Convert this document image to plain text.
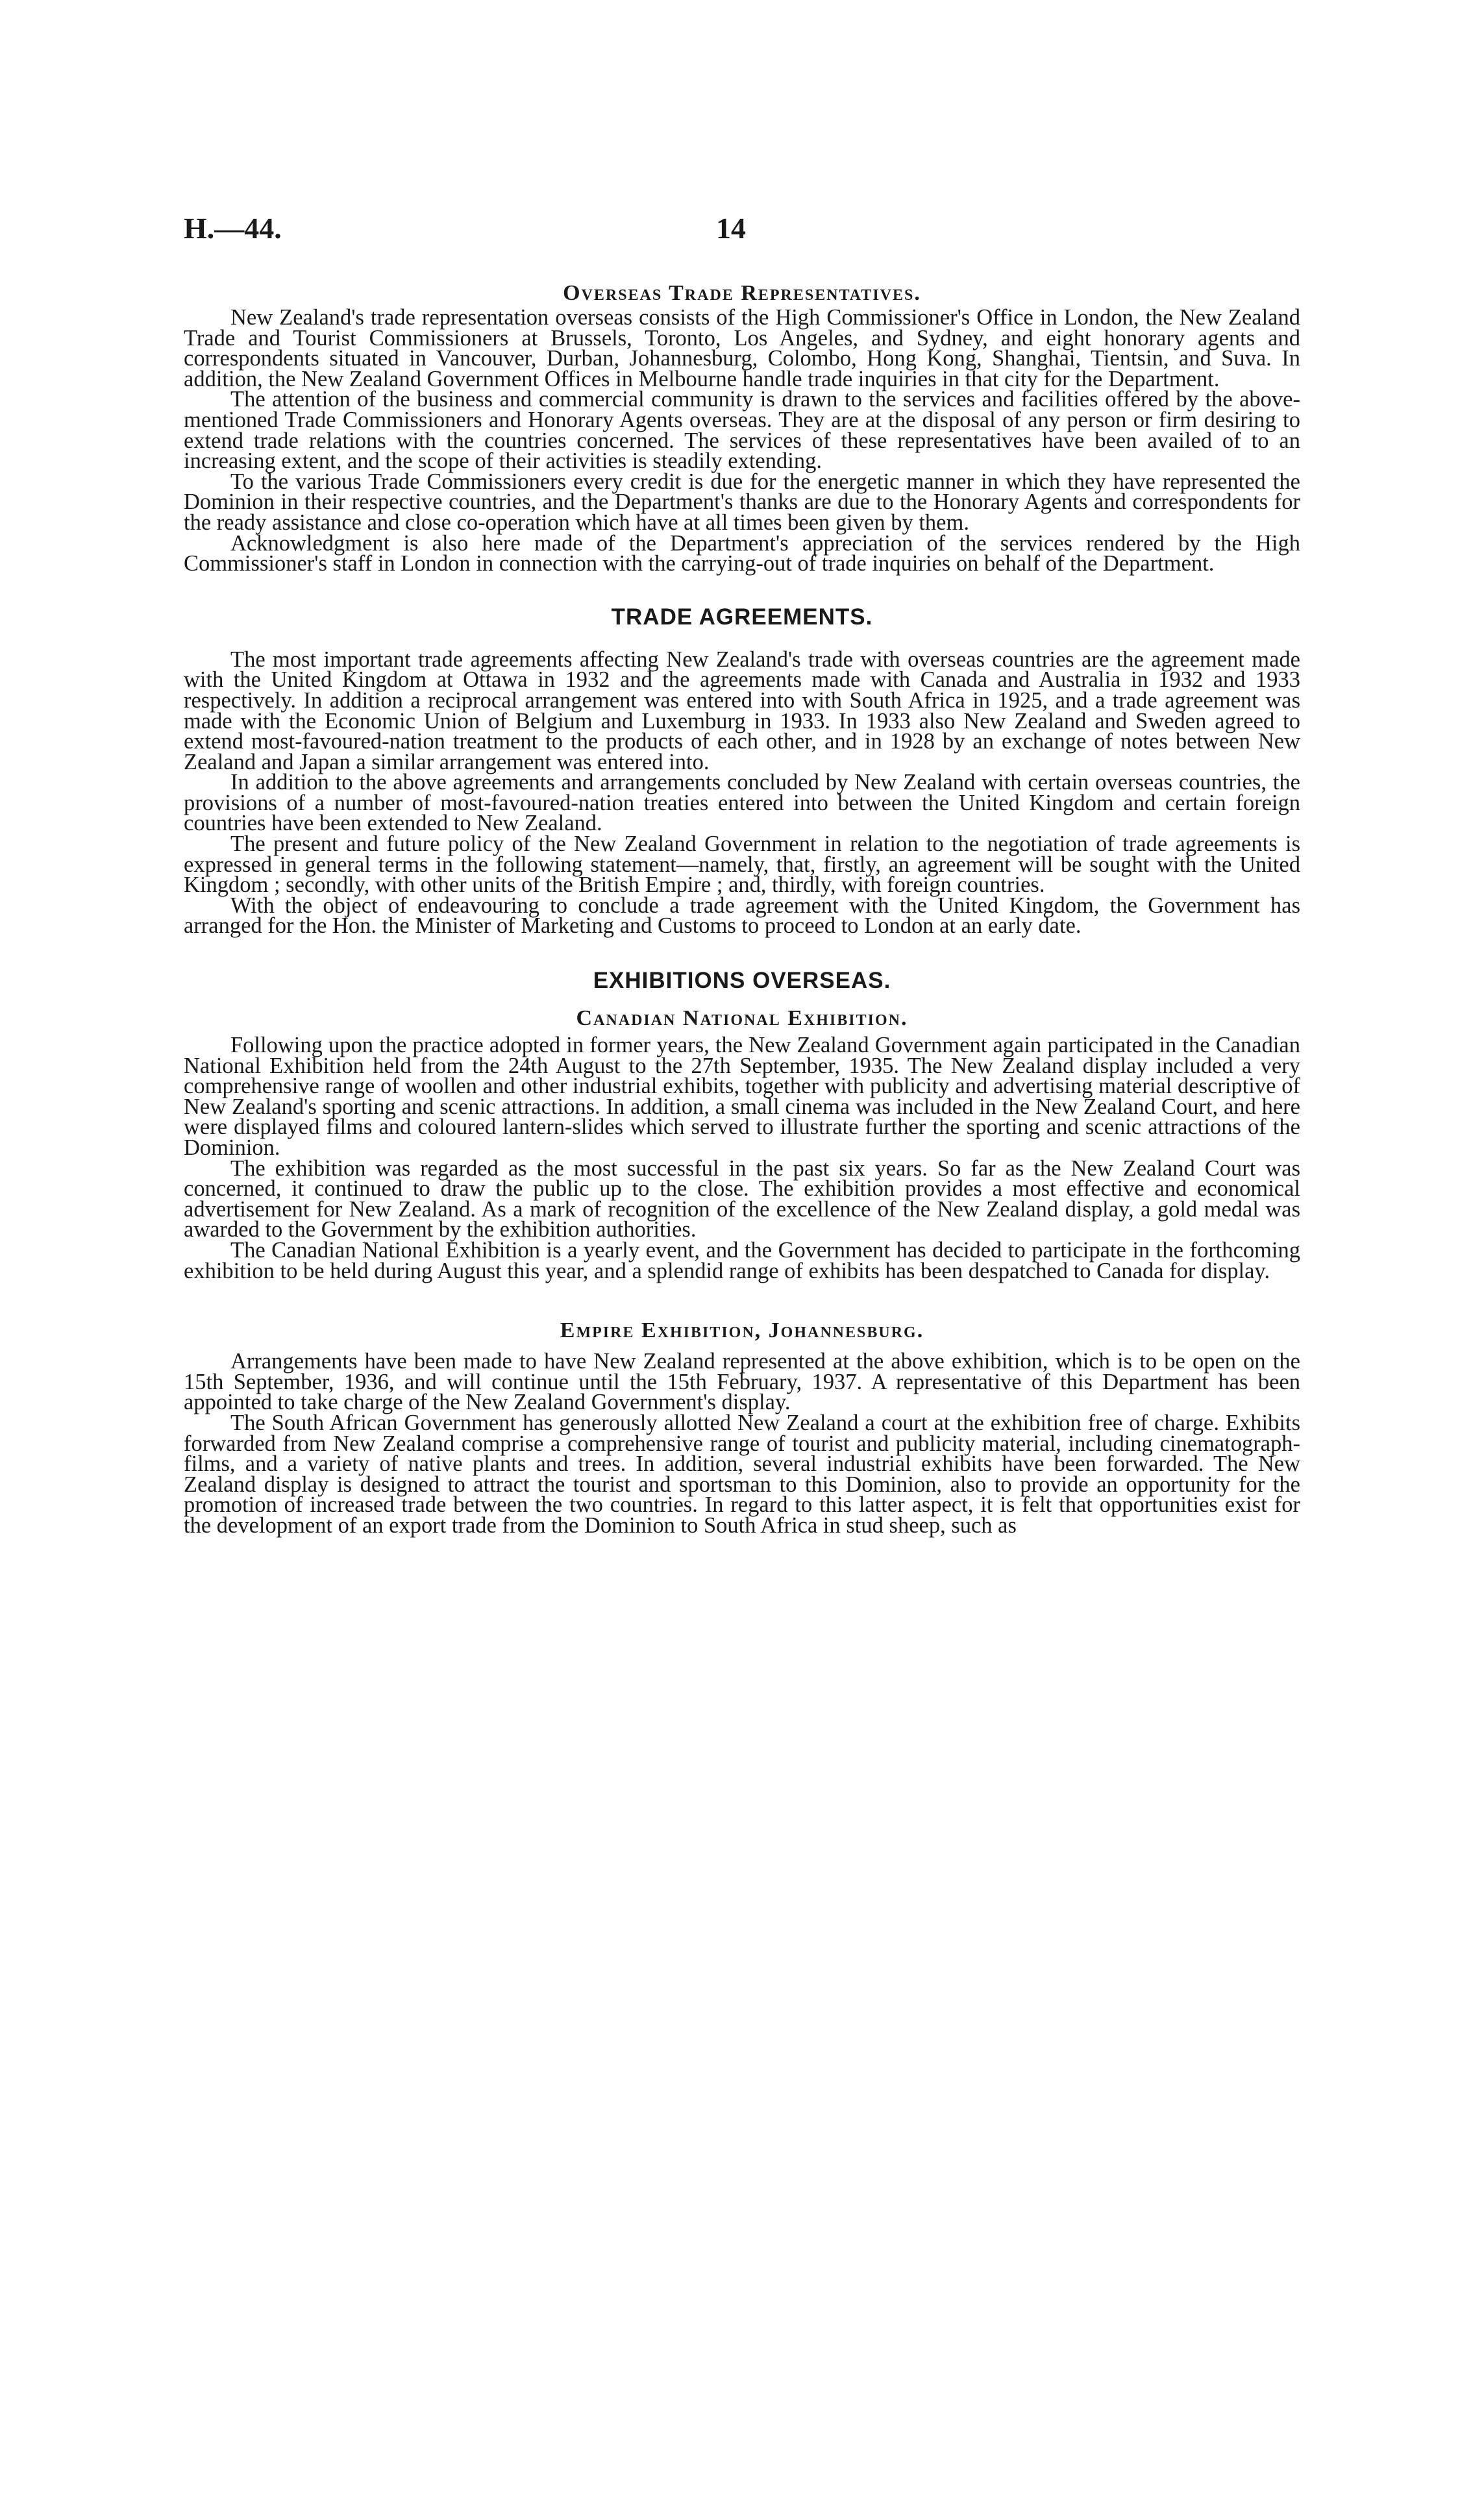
H.—44.	14
Overseas Trade Representatives.

New Zealand's trade representation overseas consists of the High Commissioner's Office in London, the New Zealand Trade and Tourist Commissioners at Brussels, Toronto, Los Angeles, and Sydney, and eight honorary agents and correspondents situated in Vancouver, Durban, Johannesburg, Colombo, Hong Kong, Shanghai, Tientsin, and Suva. In addition, the New Zealand Government Offices in Melbourne handle trade inquiries in that city for the Department.

The attention of the business and commercial community is drawn to the services and facilities offered by the above-mentioned Trade Commissioners and Honorary Agents overseas. They are at the disposal of any person or firm desiring to extend trade relations with the countries concerned. The services of these representatives have been availed of to an increasing extent, and the scope of their activities is steadily extending.

To the various Trade Commissioners every credit is due for the energetic manner in which they have represented the Dominion in their respective countries, and the Department's thanks are due to the Honorary Agents and correspondents for the ready assistance and close co-operation which have at all times been given by them.

Acknowledgment is also here made of the Department's appreciation of the services rendered by the High Commissioner's staff in London in connection with the carrying-out of trade inquiries on behalf of the Department.

TRADE AGREEMENTS.

The most important trade agreements affecting New Zealand's trade with overseas countries are the agreement made with the United Kingdom at Ottawa in 1932 and the agreements made with Canada and Australia in 1932 and 1933 respectively. In addition a reciprocal arrangement was entered into with South Africa in 1925, and a trade agreement was made with the Economic Union of Belgium and Luxemburg in 1933. In 1933 also New Zealand and Sweden agreed to extend most-favoured-nation treatment to the products of each other, and in 1928 by an exchange of notes between New Zealand and Japan a similar arrangement was entered into.

In addition to the above agreements and arrangements concluded by New Zealand with certain overseas countries, the provisions of a number of most-favoured-nation treaties entered into between the United Kingdom and certain foreign countries have been extended to New Zealand.

The present and future policy of the New Zealand Government in relation to the negotiation of trade agreements is expressed in general terms in the following statement—namely, that, firstly, an agreement will be sought with the United Kingdom ; secondly, with other units of the British Empire ; and, thirdly, with foreign countries.

With the object of endeavouring to conclude a trade agreement with the United Kingdom, the Government has arranged for the Hon. the Minister of Marketing and Customs to proceed to London at an early date.

EXHIBITIONS OVERSEAS.
Canadian National Exhibition.

Following upon the practice adopted in former years, the New Zealand Government again participated in the Canadian National Exhibition held from the 24th August to the 27th September, 1935. The New Zealand display included a very comprehensive range of woollen and other industrial exhibits, together with publicity and advertising material descriptive of New Zealand's sporting and scenic attractions. In addition, a small cinema was included in the New Zealand Court, and here were displayed films and coloured lantern-slides which served to illustrate further the sporting and scenic attractions of the Dominion.

The exhibition was regarded as the most successful in the past six years. So far as the New Zealand Court was concerned, it continued to draw the public up to the close. The exhibition provides a most effective and economical advertisement for New Zealand. As a mark of recognition of the excellence of the New Zealand display, a gold medal was awarded to the Government by the exhibition authorities.

The Canadian National Exhibition is a yearly event, and the Government has decided to participate in the forthcoming exhibition to be held during August this year, and a splendid range of exhibits has been despatched to Canada for display.

Empire Exhibition, Johannesburg.

Arrangements have been made to have New Zealand represented at the above exhibition, which is to be open on the 15th September, 1936, and will continue until the 15th February, 1937. A representative of this Department has been appointed to take charge of the New Zealand Government's display.

The South African Government has generously allotted New Zealand a court at the exhibition free of charge. Exhibits forwarded from New Zealand comprise a comprehensive range of tourist and publicity material, including cinematograph-films, and a variety of native plants and trees. In addition, several industrial exhibits have been forwarded. The New Zealand display is designed to attract the tourist and sportsman to this Dominion, also to provide an opportunity for the promotion of increased trade between the two countries. In regard to this latter aspect, it is felt that opportunities exist for the development of an export trade from the Dominion to South Africa in stud sheep, such as
